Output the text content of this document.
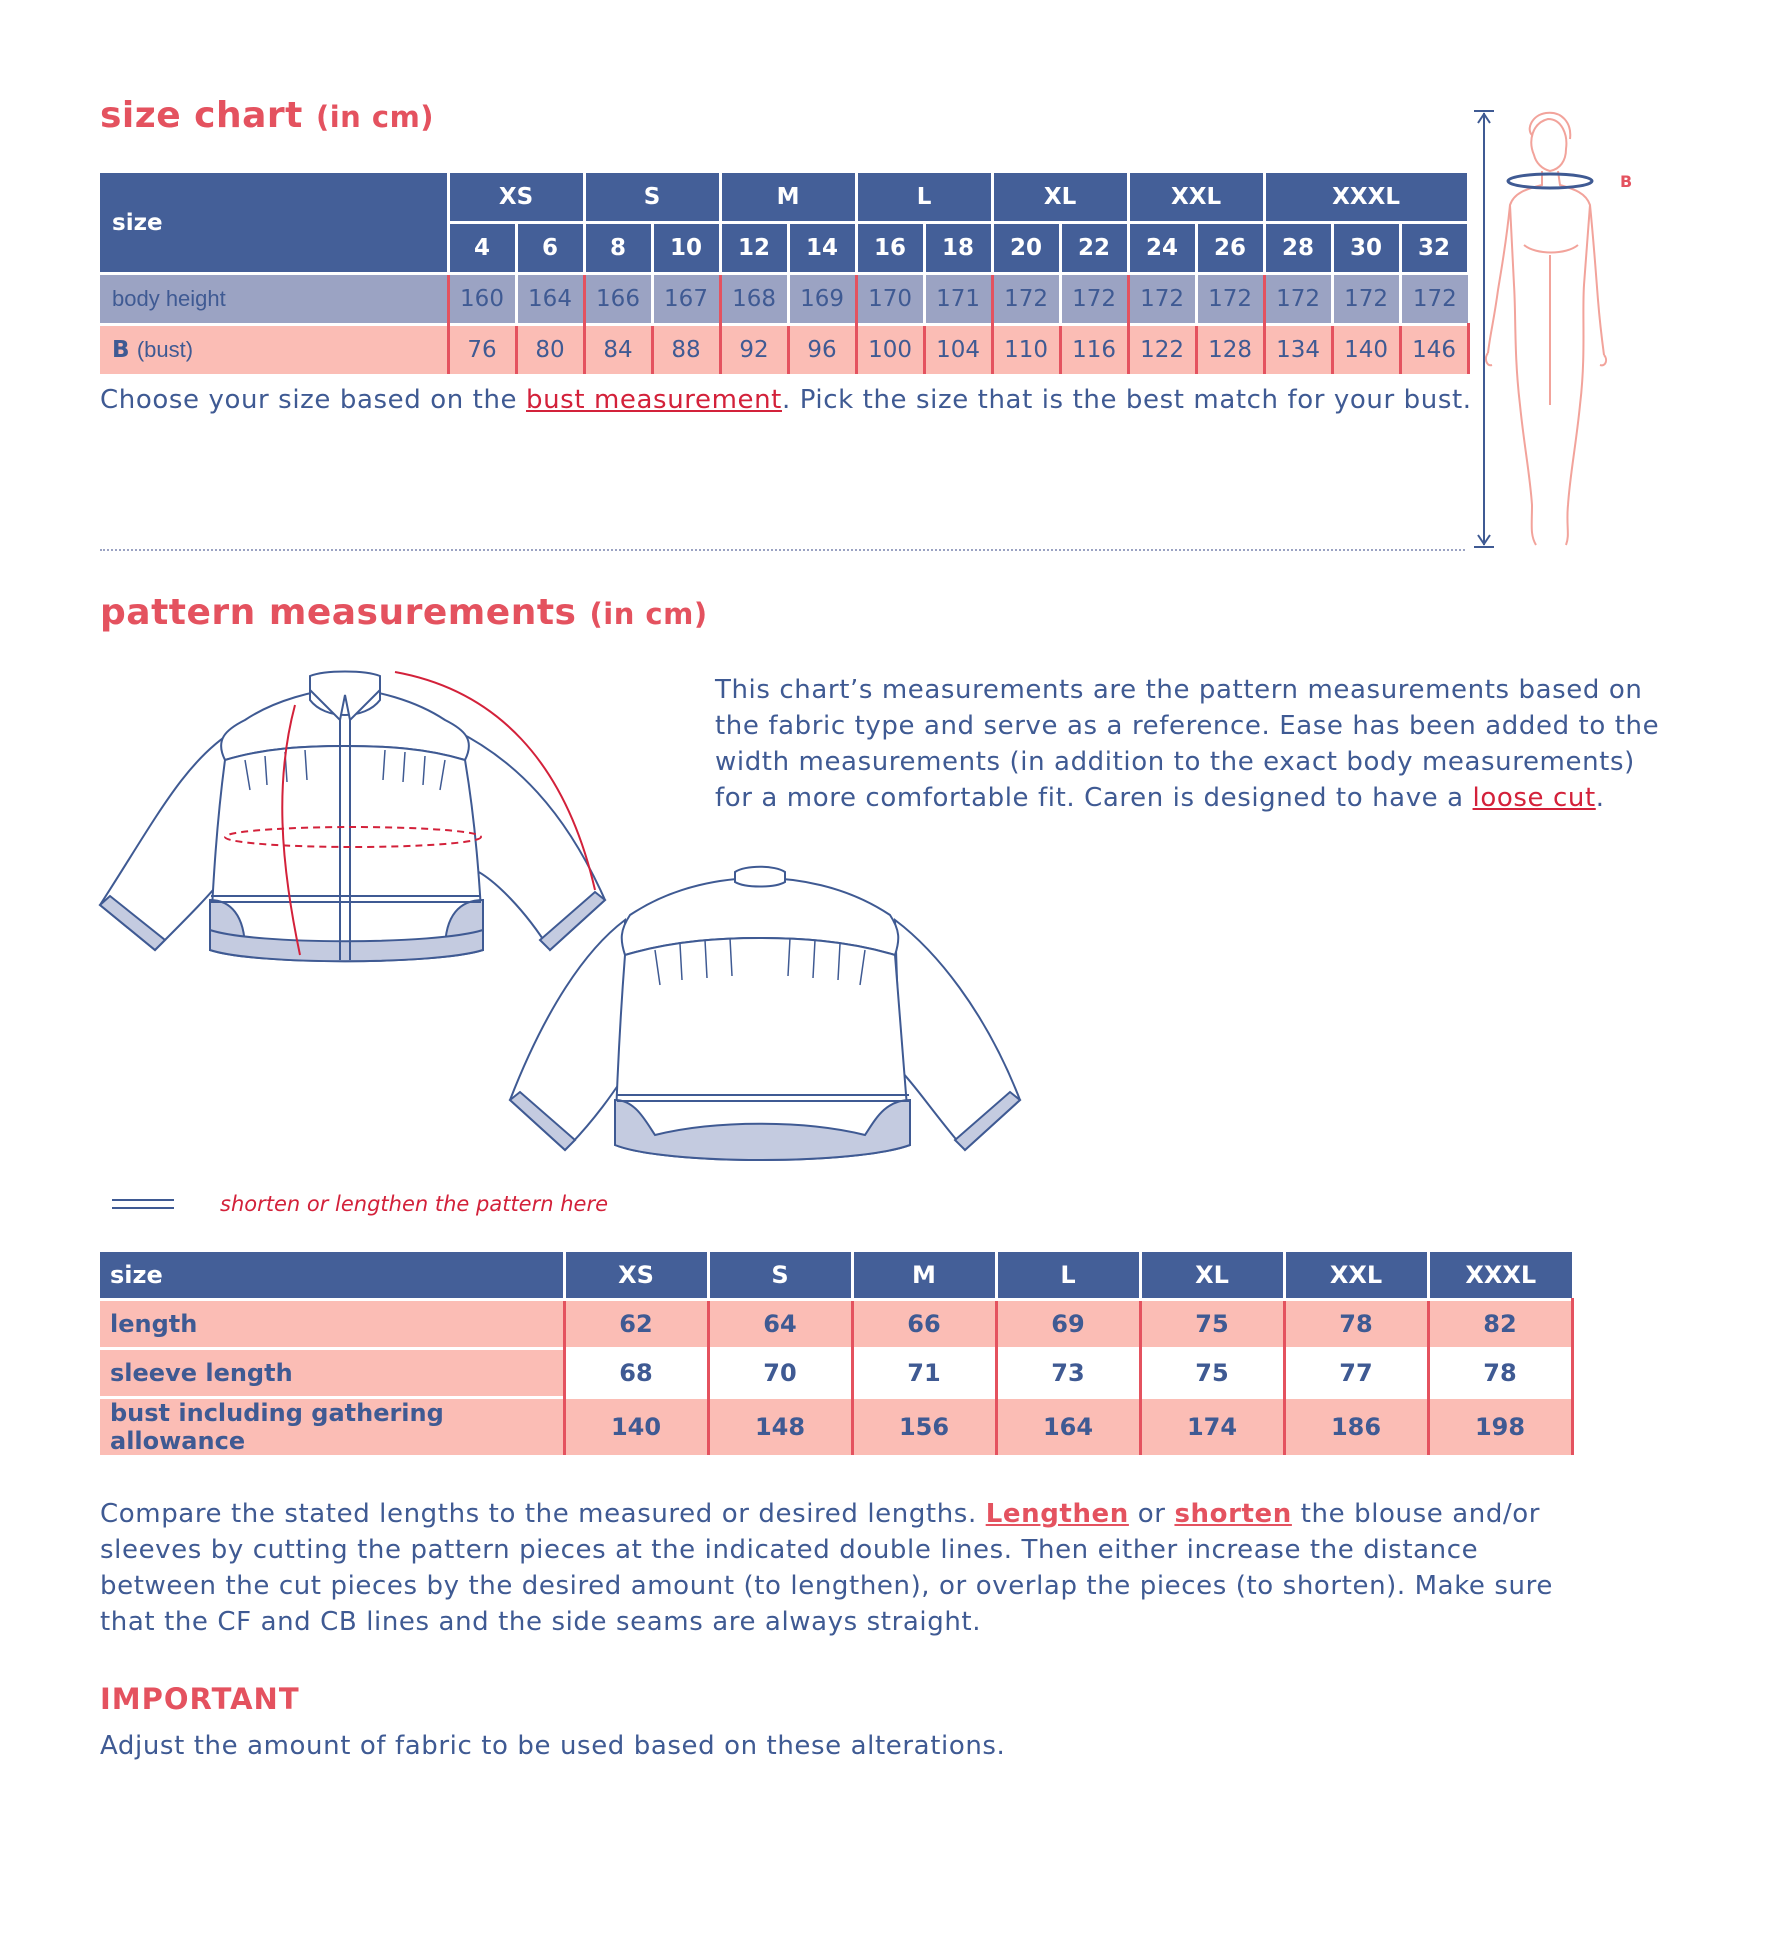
size chart (in cm)
size	XS		S		M		L		XL		XXL		XXXL		
	4	6	8	10	12	14	16	18	20	22	24	26	28	30	32
body height	160	164	166	167	168	169	170	171	172	172	172	172	172	172	172
B (bust)	76	80	84	88	92	96	100	104	110	116	122	128	134	140	146
Choose your size based on the bust measurement. Pick the size that is the best match for your bust.
B
pattern measurements (in cm)
This chart’s measurements are the pattern measurements based on the fabric type and serve as a reference. Ease has been added to the width measurements (in addition to the exact body measurements) for a more comfortable fit. Caren is designed to have a loose cut.
shorten or lengthen the pattern here
size	XS	S	M	L	XL	XXL	XXXL
length	62	64	66	69	75	78	82
sleeve length	68	70	71	73	75	77	78
bust including gathering allowance	140	148	156	164	174	186	198
Compare the stated lengths to the measured or desired lengths. Lengthen or shorten the blouse and/or sleeves by cutting the pattern pieces at the indicated double lines. Then either increase the distance between the cut pieces by the desired amount (to lengthen), or overlap the pieces (to shorten). Make sure that the CF and CB lines and the side seams are always straight.
IMPORTANT
Adjust the amount of fabric to be used based on these alterations.
